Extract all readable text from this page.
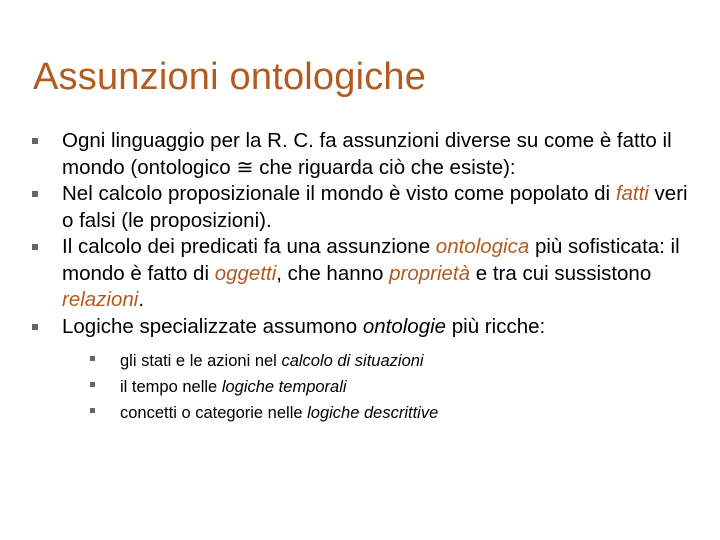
Assunzioni ontologiche
Ogni linguaggio per la R. C. fa assunzioni diverse su come è fatto il mondo (ontologico ≅ che riguarda ciò che esiste):
Nel calcolo proposizionale il mondo è visto come popolato di fatti veri o falsi (le proposizioni).
Il calcolo dei predicati fa una assunzione ontologica più sofisticata: il mondo è fatto di oggetti, che hanno proprietà e tra cui sussistono relazioni.
Logiche specializzate assumono ontologie più ricche:
gli stati e le azioni nel calcolo di situazioni
il tempo nelle logiche temporali
concetti o categorie nelle logiche descrittive
